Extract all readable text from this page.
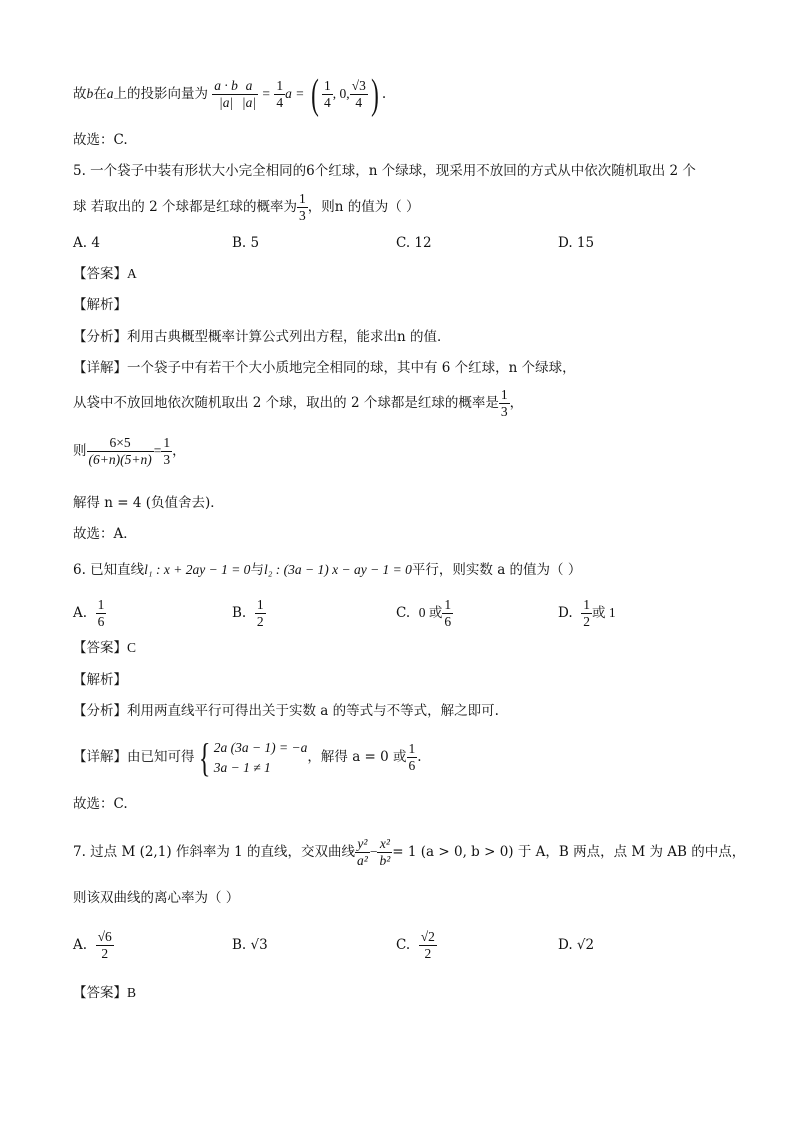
故b在a上的投影向量为 $\frac{a \cdot b}{|a|} \frac{a}{|a|} = \frac{1}{4}$ a = ( $\frac{1}{4}$ , 0, $\frac{√3}{4}$ ) .
故选：C.
5. 一个袋子中装有形状大小完全相同的6个红球，n 个绿球，现采用不放回的方式从中依次随机取出 2 个
球 若取出的 2 个球都是红球的概率为 $\frac{1}{3}$ ，则n 的值为（ ）
A. 4	B. 5	C. 12	D. 15
【答案】A
【解析】
【分析】利用古典概型概率计算公式列出方程，能求出n 的值．
【详解】一个袋子中有若干个大小质地完全相同的球，其中有 6 个红球，n 个绿球，
从袋中不放回地依次随机取出 2 个球，取出的 2 个球都是红球的概率是 $\frac{1}{3}$ ，
则 $\frac{6\times 5}{(6+n)(5+n)} = \frac{1}{3}$ ，
解得 n = 4 (负值舍去)．
故选：A．
6. 已知直线l₁ : x + 2ay − 1 = 0与l₂ : (3a − 1) x − ay − 1 = 0平行，则实数 a 的值为（ ）
A. $\frac{1}{6}$	B. $\frac{1}{2}$	C. 0 或 $\frac{1}{6}$	D. $\frac{1}{2}$ 或 1
【答案】C
【解析】
【分析】利用两直线平行可得出关于实数 a 的等式与不等式，解之即可.
【详解】由已知可得{ 2a (3a − 1) = −a
3a − 1 ≠ 1
，解得 a = 0 或 $\frac{1}{6}$ .
故选：C.
7. 过点 M (2,1) 作斜率为 1 的直线，交双曲线 $\frac{\text{y²}}{\text{a²}} - \frac{\text{x²}}{\text{b²}} = 1$ (a > 0, b > 0) 于 A，B 两点，点 M 为 AB 的中点，
则该双曲线的离心率为（ ）
A. $\frac{√6}{2}$	B. √3	C. $\frac{√2}{2}$	D. √2
【答案】B
